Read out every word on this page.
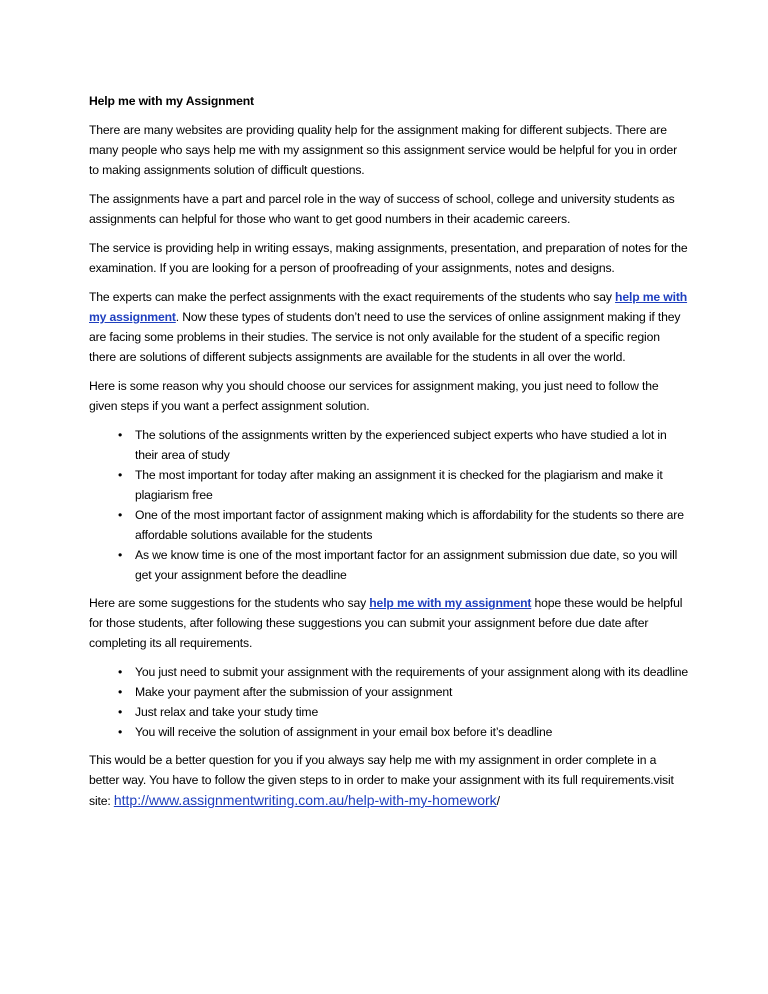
Help me with my Assignment

There are many websites are providing quality help for the assignment making for different subjects. There are many people who says help me with my assignment so this assignment service would be helpful for you in order to making assignments solution of difficult questions.

The assignments have a part and parcel role in the way of success of school, college and university students as assignments can helpful for those who want to get good numbers in their academic careers.

The service is providing help in writing essays, making assignments, presentation, and preparation of notes for the examination. If you are looking for a person of proofreading of your assignments, notes and designs.

The experts can make the perfect assignments with the exact requirements of the students who say help me with my assignment. Now these types of students don’t need to use the services of online assignment making if they are facing some problems in their studies. The service is not only available for the student of a specific region there are solutions of different subjects assignments are available for the students in all over the world.

Here is some reason why you should choose our services for assignment making, you just need to follow the given steps if you want a perfect assignment solution.

• The solutions of the assignments written by the experienced subject experts who have studied a lot in their area of study
• The most important for today after making an assignment it is checked for the plagiarism and make it plagiarism free
• One of the most important factor of assignment making which is affordability for the students so there are affordable solutions available for the students
• As we know time is one of the most important factor for an assignment submission due date, so you will get your assignment before the deadline

Here are some suggestions for the students who say help me with my assignment hope these would be helpful for those students, after following these suggestions you can submit your assignment before due date after completing its all requirements.

• You just need to submit your assignment with the requirements of your assignment along with its deadline
• Make your payment after the submission of your assignment
• Just relax and take your study time
• You will receive the solution of assignment in your email box before it’s deadline

This would be a better question for you if you always say help me with my assignment in order complete in a better way. You have to follow the given steps to in order to make your assignment with its full requirements.visit site: http://www.assignmentwriting.com.au/help-with-my-homework/
